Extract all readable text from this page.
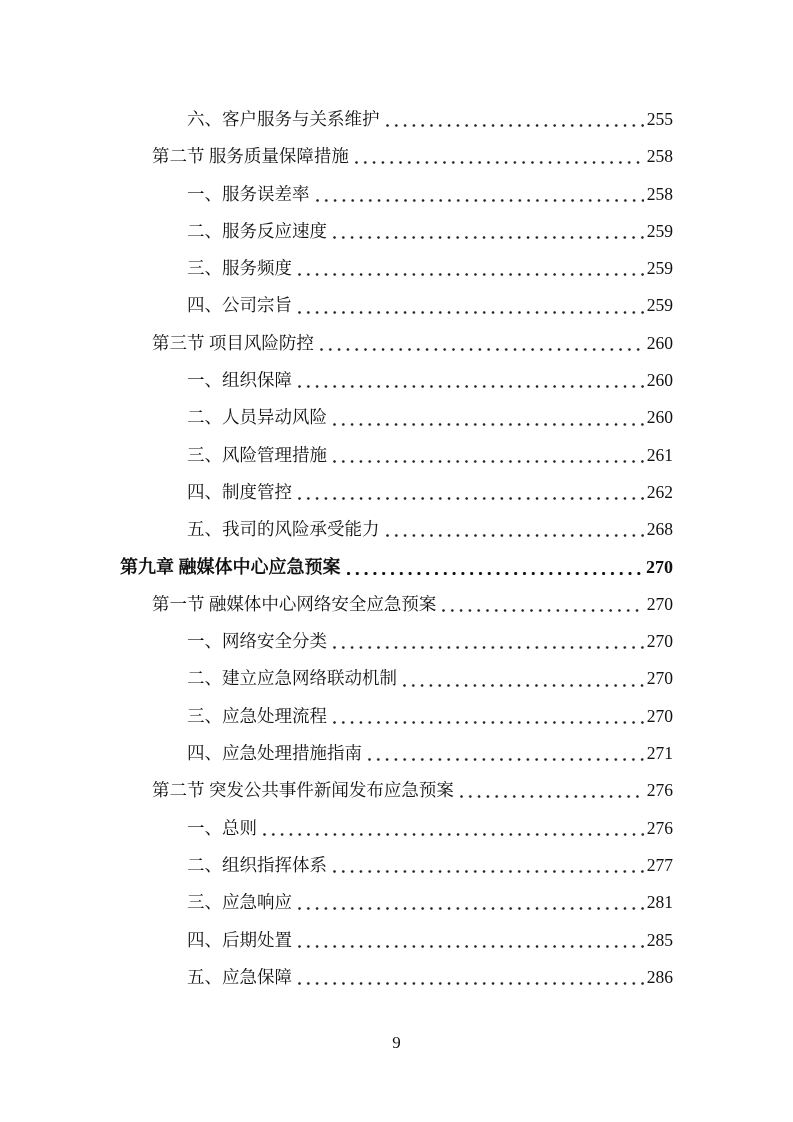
六、客户服务与关系维护	255
第二节 服务质量保障措施	258
一、服务误差率	258
二、服务反应速度	259
三、服务频度	259
四、公司宗旨	259
第三节 项目风险防控	260
一、组织保障	260
二、人员异动风险	260
三、风险管理措施	261
四、制度管控	262
五、我司的风险承受能力	268
第九章 融媒体中心应急预案	270
第一节 融媒体中心网络安全应急预案	270
一、网络安全分类	270
二、建立应急网络联动机制	270
三、应急处理流程	270
四、应急处理措施指南	271
第二节 突发公共事件新闻发布应急预案	276
一、总则	276
二、组织指挥体系	277
三、应急响应	281
四、后期处置	285
五、应急保障	286
9
